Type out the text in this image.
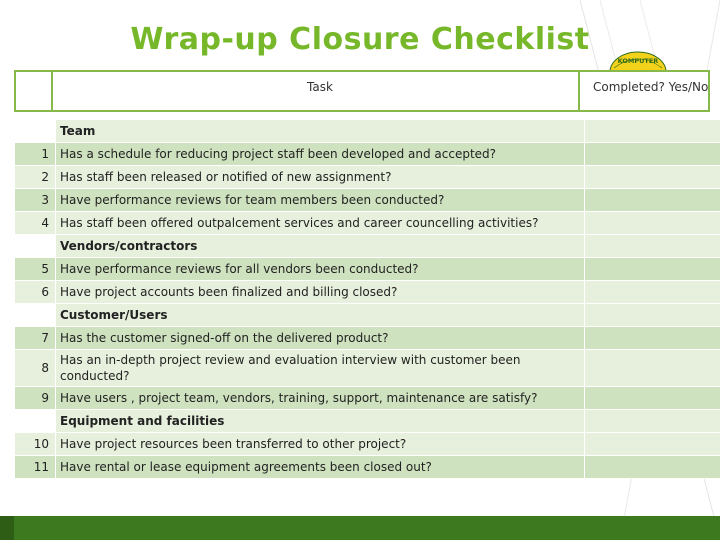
KOMPUTER
Wrap-up Closure Checklist
	Task	Completed? Yes/No
	Team	
1	Has a schedule for reducing project staff been developed and accepted?	
2	Has staff been released or notified of new assignment?	
3	Have performance reviews for team members been conducted?	
4	Has staff been offered outpalcement services and career councelling activities?	
	Vendors/contractors	
5	Have performance reviews for all vendors been conducted?	
6	Have project accounts been finalized and billing closed?	
	Customer/Users	
7	Has the customer signed-off on the delivered product?	
8	Has an in-depth project review and evaluation interview with customer been conducted?	
9	Have users , project team, vendors, training, support, maintenance are satisfy?	
	Equipment and facilities	
10	Have project resources been transferred to other project?	
11	Have rental or lease equipment agreements been closed out?	
